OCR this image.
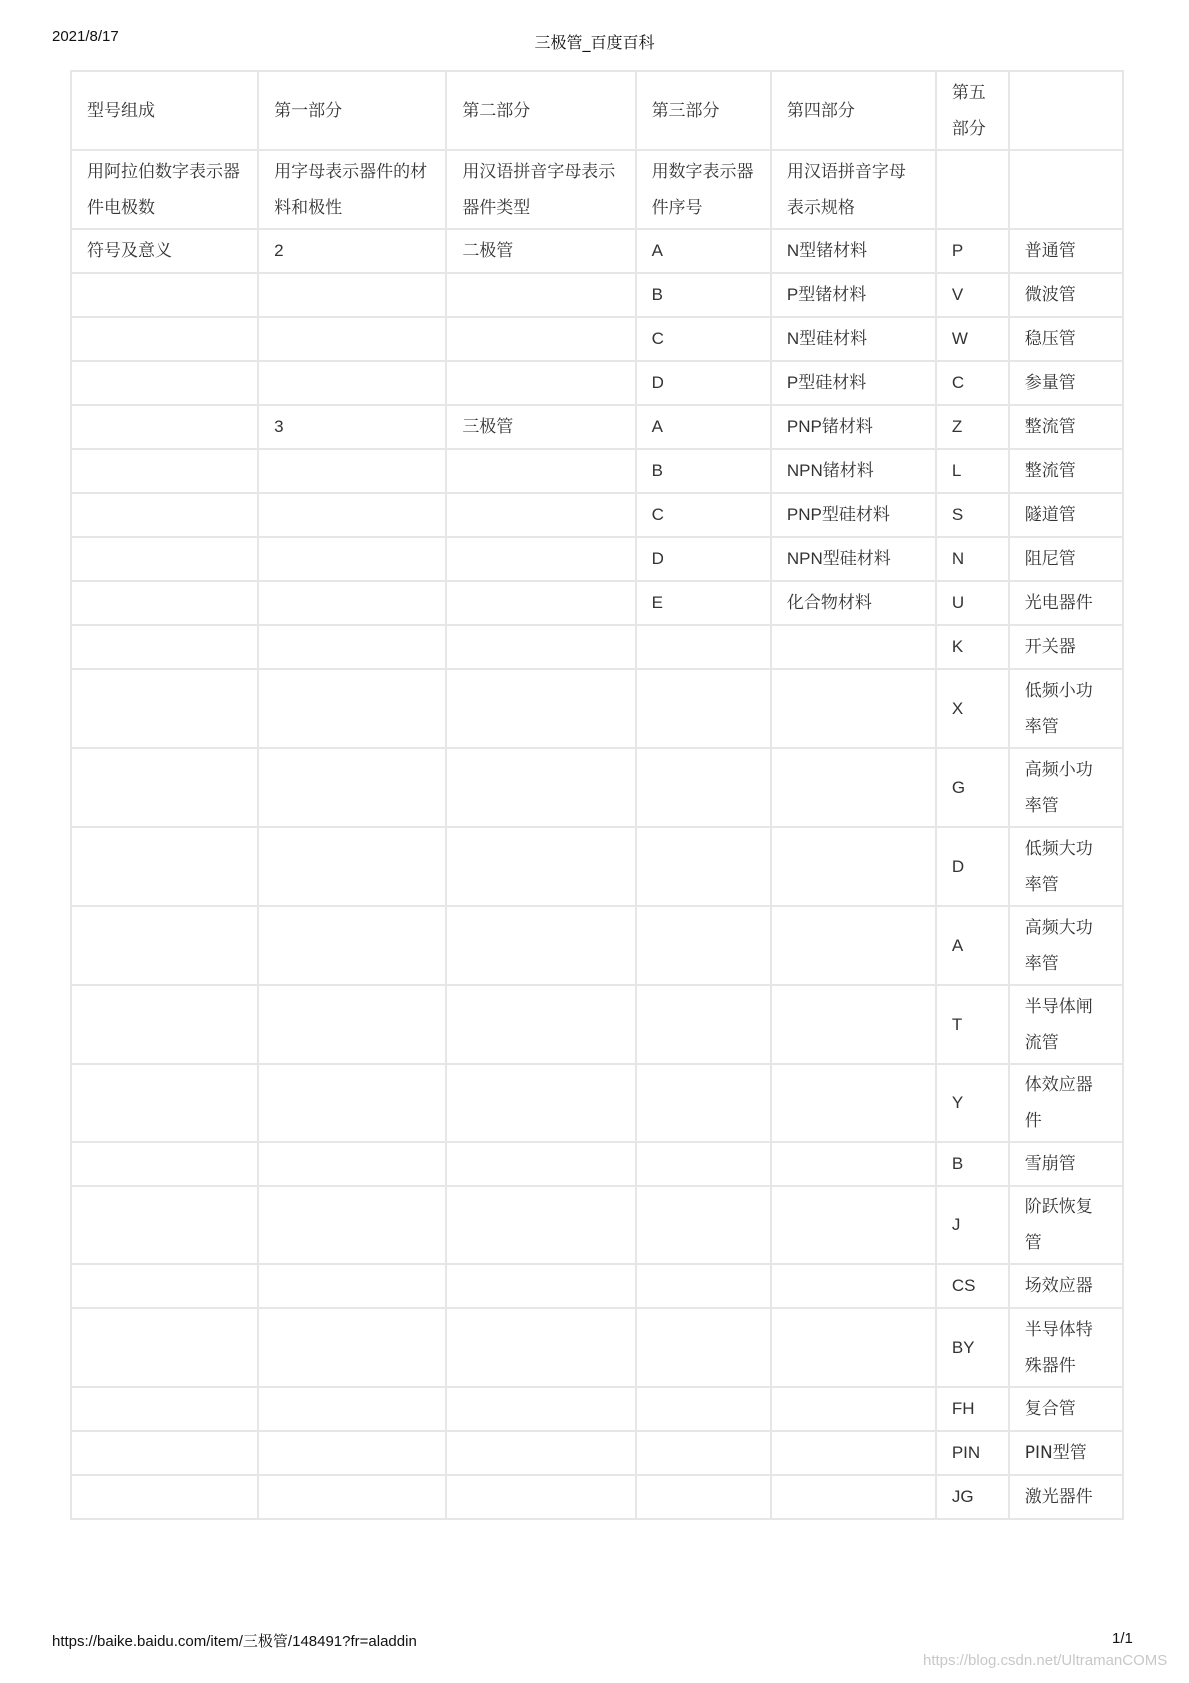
2021/8/17	三极管_百度百科
型号组成	第一部分	第二部分	第三部分	第四部分	第五部分	
用阿拉伯数字表示器件电极数	用字母表示器件的材料和极性	用汉语拼音字母表示器件类型	用数字表示器件序号	用汉语拼音字母表示规格		
符号及意义	2	二极管	A	N型锗材料	P	普通管
			B	P型锗材料	V	微波管
			C	N型硅材料	W	稳压管
			D	P型硅材料	C	参量管
	3	三极管	A	PNP锗材料	Z	整流管
			B	NPN锗材料	L	整流管
			C	PNP型硅材料	S	隧道管
			D	NPN型硅材料	N	阻尼管
			E	化合物材料	U	光电器件
					K	开关器
					X	低频小功率管
					G	高频小功率管
					D	低频大功率管
					A	高频大功率管
					T	半导体闸流管
					Y	体效应器件
					B	雪崩管
					J	阶跃恢复管
					CS	场效应器
					BY	半导体特殊器件
					FH	复合管
					PIN	PIN型管
					JG	激光器件
https://baike.baidu.com/item/三极管/148491?fr=aladdin	1/1
https://blog.csdn.net/UltramanCOMS
